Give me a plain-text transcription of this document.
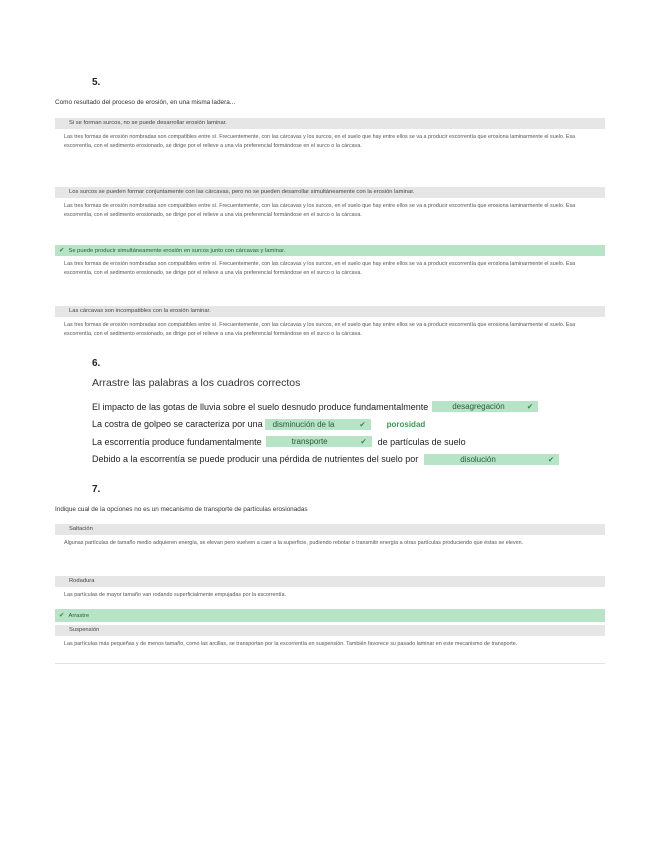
5.
Como resultado del proceso de erosión, en una misma ladera...
Si se forman surcos, no se puede desarrollar erosión laminar.
Las tres formas de erosión nombradas son compatibles entre sí. Frecuentemente, con las cárcavas y los surcos, en el suelo que hay entre ellos se va a producir escorrentía que erosiona laminarmente el suelo. Esa escorrentía, con el sedimento erosionado, se dirige por el relieve a una vía preferencial formándose en el surco o la cárcava.
Los surcos se pueden formar conjuntamente con las cárcavas, pero no se pueden desarrollar simultáneamente con la erosión laminar.
Las tres formas de erosión nombradas son compatibles entre sí. Frecuentemente, con las cárcavas y los surcos, en el suelo que hay entre ellos se va a producir escorrentía que erosiona laminarmente el suelo. Esa escorrentía, con el sedimento erosionado, se dirige por el relieve a una vía preferencial formándose en el surco o la cárcava.
✔ Se puede producir simultáneamente erosión en surcos junto con cárcavas y laminar.
Las tres formas de erosión nombradas son compatibles entre sí. Frecuentemente, con las cárcavas y los surcos, en el suelo que hay entre ellos se va a producir escorrentía que erosiona laminarmente el suelo. Esa escorrentía, con el sedimento erosionado, se dirige por el relieve a una vía preferencial formándose en el surco o la cárcava.
Las cárcavas son incompatibles con la erosión laminar.
Las tres formas de erosión nombradas son compatibles entre sí. Frecuentemente, con las cárcavas y los surcos, en el suelo que hay entre ellos se va a producir escorrentía que erosiona laminarmente el suelo. Esa escorrentía, con el sedimento erosionado, se dirige por el relieve a una vía preferencial formándose en el surco o la cárcava.
6.
Arrastre las palabras a los cuadros correctos
El impacto de las gotas de lluvia sobre el suelo desnudo produce fundamentalmente	desagregación	✔
La costra de golpeo se caracteriza por una disminución de la	✔	porosidad
La escorrentía produce fundamentalmente	transporte	✔ de partículas de suelo
Debido a la escorrentía se puede producir una pérdida de nutrientes del suelo por	disolución	✔
7.
Indique cual de la opciones no es un mecanismo de transporte de partículas erosionadas
Saltación
Algunas partículas de tamaño medio adquieren energía, se elevan pero vuelven a caer a la superficie, pudiendo rebotar o transmitir energía a otras partículas produciendo que éstas se eleven.
Rodadura
Las partículas de mayor tamaño van rodando superficialmente empujadas por la escorrentía.
✔ Arrastre
Suspensión
Las partículas más pequeñas y de menos tamaño, como las arcillas, se transportan por la escorrentía en suspensión. También favorece su pasado laminar en este mecanismo de transporte.
